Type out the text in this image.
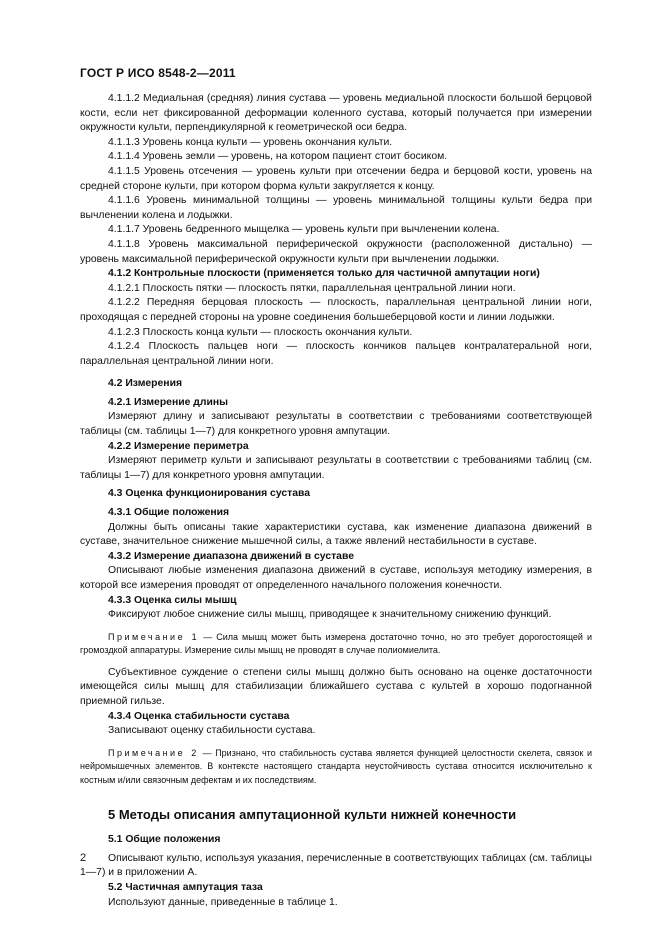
ГОСТ Р ИСО 8548-2—2011

4.1.1.2 Медиальная (средняя) линия сустава — уровень медиальной плоскости большой берцовой кости, если нет фиксированной деформации коленного сустава, который получается при измерении окружности культи, перпендикулярной к геометрической оси бедра.

4.1.1.3 Уровень конца культи — уровень окончания культи.

4.1.1.4 Уровень земли — уровень, на котором пациент стоит босиком.

4.1.1.5 Уровень отсечения — уровень культи при отсечении бедра и берцовой кости, уровень на средней стороне культи, при котором форма культи закругляется к концу.

4.1.1.6 Уровень минимальной толщины — уровень минимальной толщины культи бедра при вычленении колена и лодыжки.

4.1.1.7 Уровень бедренного мыщелка — уровень культи при вычленении колена.

4.1.1.8 Уровень максимальной периферической окружности (расположенной дистально) — уровень максимальной периферической окружности культи при вычленении лодыжки.

4.1.2 Контрольные плоскости (применяется только для частичной ампутации ноги)

4.1.2.1 Плоскость пятки — плоскость пятки, параллельная центральной линии ноги.

4.1.2.2 Передняя берцовая плоскость — плоскость, параллельная центральной линии ноги, проходящая с передней стороны на уровне соединения большеберцовой кости и линии лодыжки.

4.1.2.3 Плоскость конца культи — плоскость окончания культи.

4.1.2.4 Плоскость пальцев ноги — плоскость кончиков пальцев контралатеральной ноги, параллельная центральной линии ноги.

4.2 Измерения

4.2.1 Измерение длины

Измеряют длину и записывают результаты в соответствии с требованиями соответствующей таблицы (см. таблицы 1—7) для конкретного уровня ампутации.

4.2.2 Измерение периметра

Измеряют периметр культи и записывают результаты в соответствии с требованиями таблиц (см. таблицы 1—7) для конкретного уровня ампутации.

4.3 Оценка функционирования сустава

4.3.1 Общие положения

Должны быть описаны такие характеристики сустава, как изменение диапазона движений в суставе, значительное снижение мышечной силы, а также явлений нестабильности в суставе.

4.3.2 Измерение диапазона движений в суставе

Описывают любые изменения диапазона движений в суставе, используя методику измерения, в которой все измерения проводят от определенного начального положения конечности.

4.3.3 Оценка силы мышц

Фиксируют любое снижение силы мышц, приводящее к значительному снижению функций.

Примечание 1 — Сила мышц может быть измерена достаточно точно, но это требует дорогостоящей и громоздкой аппаратуры. Измерение силы мышц не проводят в случае полиомиелита.

Субъективное суждение о степени силы мышц должно быть основано на оценке достаточности имеющейся силы мышц для стабилизации ближайшего сустава с культей в хорошо подогнанной приемной гильзе.

4.3.4 Оценка стабильности сустава

Записывают оценку стабильности сустава.

Примечание 2 — Признано, что стабильность сустава является функцией целостности скелета, связок и нейромышечных элементов. В контексте настоящего стандарта неустойчивость сустава относится исключительно к костным и/или связочным дефектам и их последствиям.

5 Методы описания ампутационной культи нижней конечности

5.1 Общие положения

Описывают культю, используя указания, перечисленные в соответствующих таблицах (см. таблицы 1—7) и в приложении А.

5.2 Частичная ампутация таза

Используют данные, приведенные в таблице 1.

2
